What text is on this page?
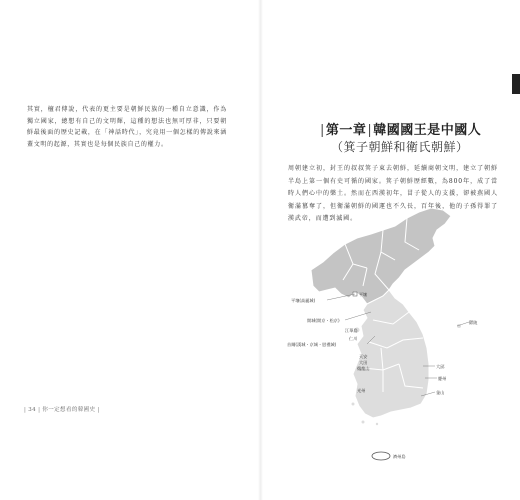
其實，檀君傳說，代表的更主要是朝鮮民族的一種自立意識，作為獨立國家，總想有自己的文明輝，這種的想法也無可厚非，只要朝鮮最後面的歷史記載，在「神話時代」，究竟用一個怎樣的傳說來涵蓋文明的起源，其實也是每個民族自己的權力。

| 34 | 你一定想看的韓國史 |
|第一章|韓國國王是中國人
（箕子朝鮮和衛氏朝鮮）

周朝建立初，封王的叔叔箕子東去朝鮮，延續商朝文明，建立了朝鮮半島上第一個有史可循的國家。箕子朝鮮歷經數，為800年，成了當時人們心中的樂土。然而在西漢初年，冒子從人的支援，卻被燕國人衛滿篡奪了，但衛滿朝鮮的國運也不久長，百年後，他的子孫得罪了漢武帝，而遭到滅國。

平壤
平壤(高麗城)
開城(開京・松京)
江華島
仁川
首爾(漢城・京城・慰禮城)
天安
大田
鷄龍山
光州
鬱陵
大邱
慶州
釜山
濟州島
